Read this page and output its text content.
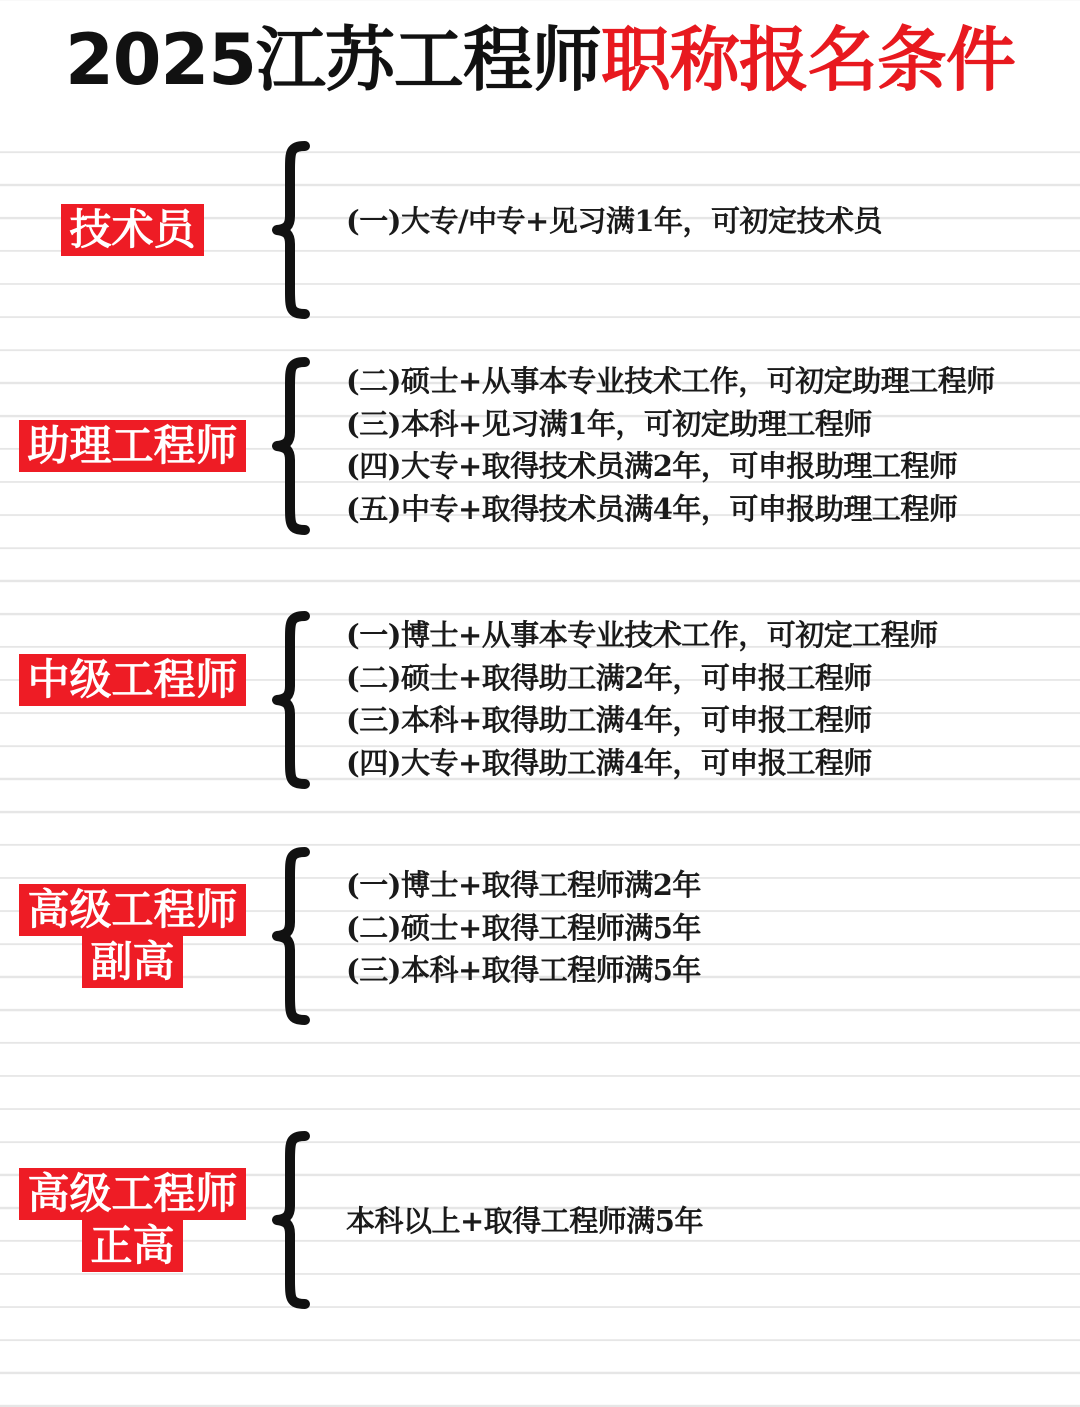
2025江苏工程师职称报名条件
技术员	(一)大专/中专+见习满1年，可初定技术员
助理工程师
(二)硕士+从事本专业技术工作，可初定助理工程师
(三)本科+见习满1年，可初定助理工程师
(四)大专+取得技术员满2年，可申报助理工程师
(五)中专+取得技术员满4年，可申报助理工程师
中级工程师
(一)博士+从事本专业技术工作，可初定工程师
(二)硕士+取得助工满2年，可申报工程师
(三)本科+取得助工满4年，可申报工程师
(四)大专+取得助工满4年，可申报工程师
高级工程师
副高
(一)博士+取得工程师满2年
(二)硕士+取得工程师满5年
(三)本科+取得工程师满5年
高级工程师
正高	本科以上+取得工程师满5年
